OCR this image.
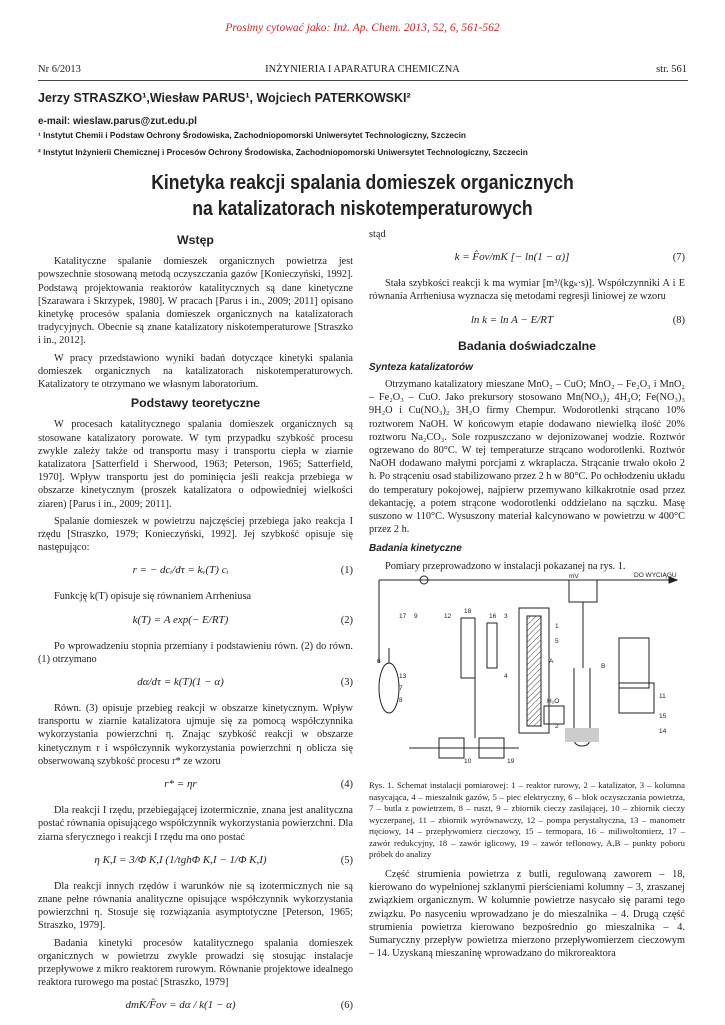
Prosimy cytować jako: Inż. Ap. Chem. 2013, 52, 6, 561-562
Nr 6/2013	INŻYNIERIA I APARATURA CHEMICZNA	str. 561
Jerzy STRASZKO¹,Wiesław PARUS¹, Wojciech PATERKOWSKI²
e-mail: wieslaw.parus@zut.edu.pl
¹ Instytut Chemii i Podstaw Ochrony Środowiska, Zachodniopomorski Uniwersytet Technologiczny, Szczecin
² Instytut Inżynierii Chemicznej i Procesów Ochrony Środowiska, Zachodniopomorski Uniwersytet Technologiczny, Szczecin
Kinetyka reakcji spalania domieszek organicznych
na katalizatorach niskotemperaturowych
Wstęp

Katalityczne spalanie domieszek organicznych powietrza jest powszechnie stosowaną metodą oczyszczania gazów [Konieczyński, 1992]. Podstawą projektowania reaktorów katalitycznych są dane kinetyczne [Szarawara i Skrzypek, 1980]. W pracach [Parus i in., 2009; 2011] opisano kinetykę procesów spalania domieszek organicznych na katalizatorach tradycyjnych. Obecnie są znane katalizatory niskotemperaturowe [Straszko i in., 2012].

W pracy przedstawiono wyniki badań dotyczące kinetyki spalania domieszek organicznych na katalizatorach niskotemperaturowych. Katalizatory te otrzymano we własnym laboratorium.

Podstawy teoretyczne

W procesach katalitycznego spalania domieszek organicznych są stosowane katalizatory porowate. W tym przypadku szybkość procesu zwykle zależy także od transportu masy i transportu ciepła w ziarnie katalizatora [Satterfield i Sherwood, 1963; Peterson, 1965; Satterfield, 1970]. Wpływ transportu jest do pominięcia jeśli reakcja przebiega w obszarze kinetycznym (proszek katalizatora o odpowiedniej wielkości ziaren) [Parus i in., 2009; 2011].

Spalanie domieszek w powietrzu najczęściej przebiega jako reakcja I rzędu [Straszko, 1979; Konieczyński, 1992]. Jej szybkość opisuje się następująco:

r = − dcᵢ/dτ = kᵥ(T) cᵢ	(1)

Funkcję k(T) opisuje się równaniem Arrheniusa

k(T) = A exp(− E/RT)	(2)

Po wprowadzeniu stopnia przemiany i podstawieniu równ. (2) do równ. (1) otrzymano

dα/dτ = k(T)(1 − α)	(3)

Równ. (3) opisuje przebieg reakcji w obszarze kinetycznym. Wpływ transportu w ziarnie katalizatora ujmuje się za pomocą współczynnika wykorzystania powierzchni η. Znając szybkość reakcji w obszarze kinetycznym r i współczynnik wykorzystania powierzchni η oblicza się obserwowaną szybkość procesu r* ze wzoru

r* = ηr	(4)

Dla reakcji I rzędu, przebiegającej izotermicznie, znana jest analityczna postać równania opisującego współczynnik wykorzystania powierzchni. Dla ziarna sferycznego i reakcji I rzędu ma ono postać

η K,I = 3/Φ K,I (1/tghΦ K,I − 1/Φ K,I)	(5)

Dla reakcji innych rzędów i warunków nie są izotermicznych nie są znane pełne równania analityczne opisujące współczynnik wykorzystania powierzchni η. Stosuje się rozwiązania asymptotyczne [Peterson, 1965; Straszko, 1979].

Badania kinetyki procesów katalitycznego spalania domieszek organicznych w powietrzu zwykle prowadzi się stosując instalacje przepływowe z mikro reaktorem rurowym. Równanie projektowe idealnego reaktora rurowego ma postać [Straszko, 1979]

dmK/F̂ov = dα / k(1 − α)	(6)
stąd
k = F̂ov/mK [− ln(1 − α)]	(7)

Stała szybkości reakcji k ma wymiar [m³/(kgₖ·s)]. Współczynniki A i E równania Arrheniusa wyznacza się metodami regresji liniowej ze wzoru

ln k = ln A − E/RT	(8)
Badania doświadczalne
Synteza katalizatorów

Otrzymano katalizatory mieszane MnO₂ – CuO; MnO₂ – Fe₂O₃ i MnO₂ – Fe₂O₃ – CuO. Jako prekursory stosowano Mn(NO₃)₂ 4H₂O; Fe(NO₃)₃ 9H₂O i Cu(NO₃)₂ 3H₂O firmy Chempur. Wodorotlenki strącano 10% roztworem NaOH. W końcowym etapie dodawano niewielką ilość 20% roztworu Na₂CO₃. Sole rozpuszczano w dejonizowanej wodzie. Roztwór ogrzewano do 80°C. W tej temperaturze strącano wodorotlenki. Roztwór NaOH dodawano małymi porcjami z wkraplacza. Strącanie trwało około 2 h. Po strąceniu osad stabilizowano przez 2 h w 80°C. Po ochłodzeniu układu do temperatury pokojowej, najpierw przemywano kilkakrotnie osad przez dekantację, a potem strącone wodorotlenki oddzielano na sączku. Masę suszono w 110°C. Wysuszony materiał kalcynowano w powietrzu w 400°C przez 2 h.

Badania kinetyczne

Pomiary przeprowadzono w instalacji pokazanej na rys. 1.

mV	DO WYCIĄGU
H₂O
A
B
17 9	12
18
16 3
6
13
7
8
4
10	19
1
5
2
11
15
14
Rys. 1. Schemat instalacji pomiarowej: 1 – reaktor rurowy, 2 – katalizator, 3 – kolumna nasycająca, 4 – mieszalnik gazów, 5 – piec elektryczny, 6 – blok oczyszczania powietrza, 7 – butla z powietrzem, 8 – ruszt, 9 – zbiornik cieczy zasilającej, 10 – zbiornik cieczy wyczerpanej, 11 – zbiornik wyrównawczy, 12 – pompa perystaltyczna, 13 – manometr rtęciowy, 14 – przepływomierz cieczowy, 15 – termopara, 16 – miliwoltomierz, 17 – zawór redukcyjny, 18 – zawór iglicowy, 19 – zawór teflonowy, A,B – punkty poboru próbek do analizy

Część strumienia powietrza z butli, regulowaną zaworem – 18, kierowano do wypełnionej szklanymi pierścieniami kolumny – 3, zraszanej związkiem organicznym. W kolumnie powietrze nasycało się parami tego związku. Po nasyceniu wprowadzano je do mieszalnika – 4. Drugą część strumienia powietrza kierowano bezpośrednio go mieszalnika – 4. Sumaryczny przepływ powietrza mierzono przepływomierzem cieczowym – 14. Uzyskaną mieszaninę wprowadzano do mikroreaktora
